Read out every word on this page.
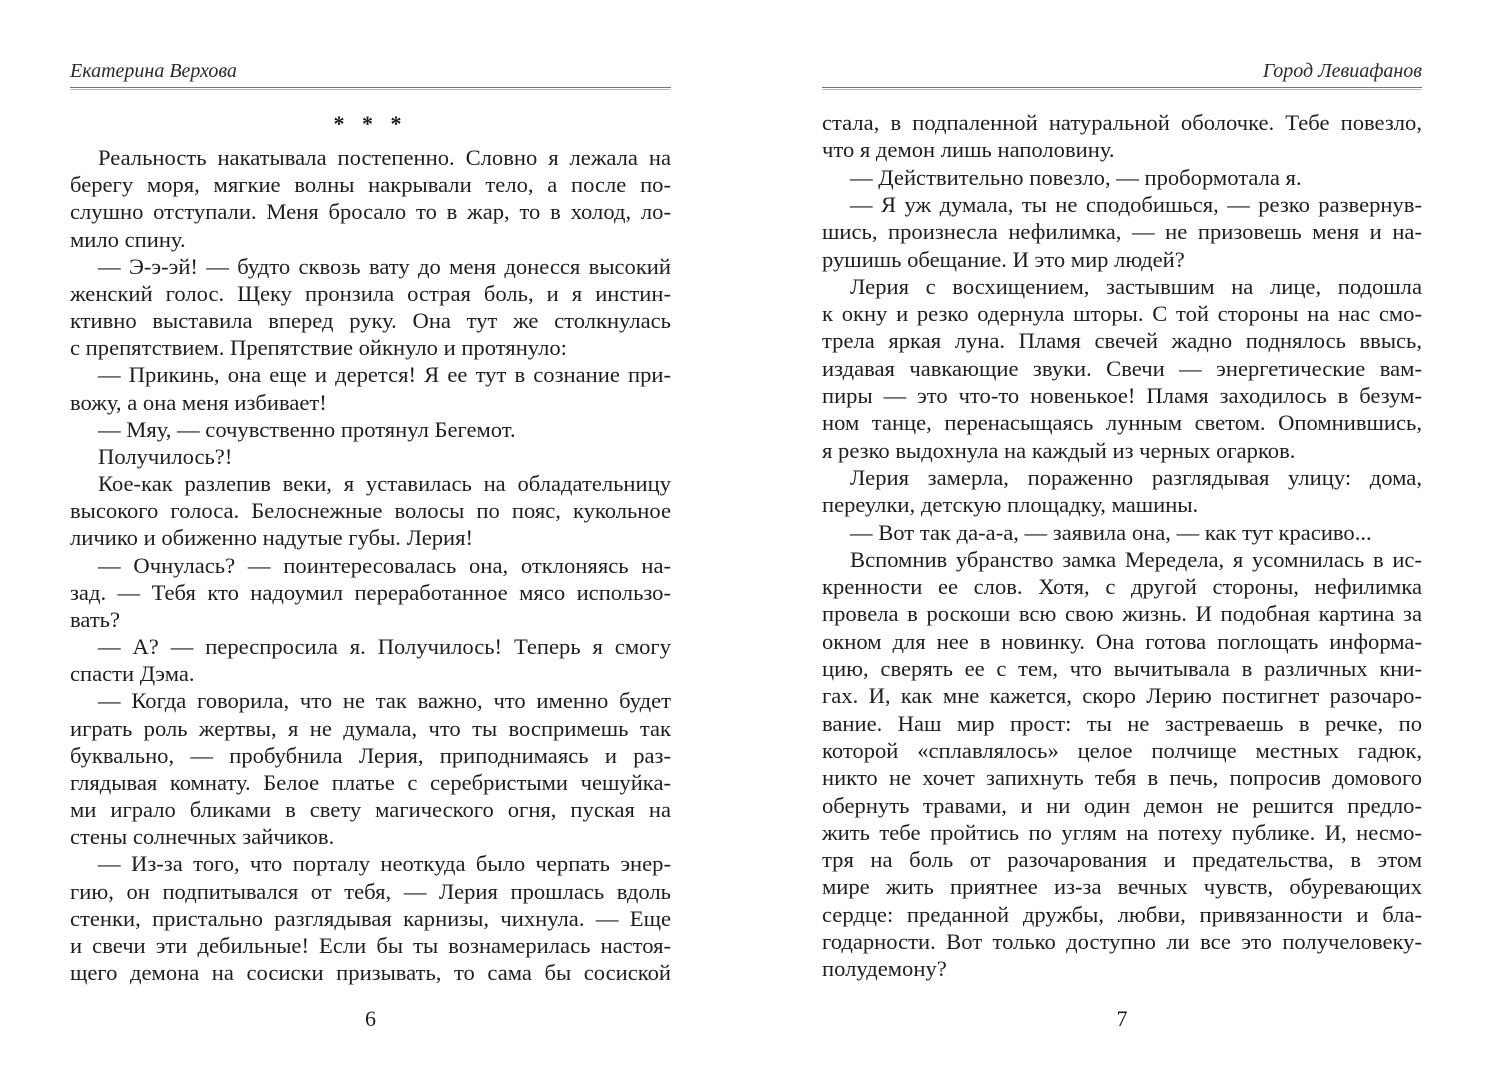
Екатерина Верхова
* * *
Реальность накатывала постепенно. Словно я лежала на
берегу моря, мягкие волны накрывали тело, а после по-
слушно отступали. Меня бросало то в жар, то в холод, ло-
мило спину.
— Э-э-эй! — будто сквозь вату до меня донесся высокий
женский голос. Щеку пронзила острая боль, и я инстин-
ктивно выставила вперед руку. Она тут же столкнулась
с препятствием. Препятствие ойкнуло и протянуло:
— Прикинь, она еще и дерется! Я ее тут в сознание при-
вожу, а она меня избивает!
— Мяу, — сочувственно протянул Бегемот.
Получилось?!
Кое-как разлепив веки, я уставилась на обладательницу
высокого голоса. Белоснежные волосы по пояс, кукольное
личико и обиженно надутые губы. Лерия!
— Очнулась? — поинтересовалась она, отклоняясь на-
зад. — Тебя кто надоумил переработанное мясо использо-
вать?
— А? — переспросила я. Получилось! Теперь я смогу
спасти Дэма.
— Когда говорила, что не так важно, что именно будет
играть роль жертвы, я не думала, что ты воспримешь так
буквально, — пробубнила Лерия, приподнимаясь и раз-
глядывая комнату. Белое платье с серебристыми чешуйка-
ми играло бликами в свету магического огня, пуская на
стены солнечных зайчиков.
— Из-за того, что порталу неоткуда было черпать энер-
гию, он подпитывался от тебя, — Лерия прошлась вдоль
стенки, пристально разглядывая карнизы, чихнула. — Еще
и свечи эти дебильные! Если бы ты вознамерилась настоя-
щего демона на сосиски призывать, то сама бы сосиской
6
Город Левиафанов
стала, в подпаленной натуральной оболочке. Тебе повезло,
что я демон лишь наполовину.
— Действительно повезло, — пробормотала я.
— Я уж думала, ты не сподобишься, — резко развернув-
шись, произнесла нефилимка, — не призовешь меня и на-
рушишь обещание. И это мир людей?
Лерия с восхищением, застывшим на лице, подошла
к окну и резко одернула шторы. С той стороны на нас смо-
трела яркая луна. Пламя свечей жадно поднялось ввысь,
издавая чавкающие звуки. Свечи — энергетические вам-
пиры — это что-то новенькое! Пламя заходилось в безум-
ном танце, перенасыщаясь лунным светом. Опомнившись,
я резко выдохнула на каждый из черных огарков.
Лерия замерла, пораженно разглядывая улицу: дома,
переулки, детскую площадку, машины.
— Вот так да-а-а, — заявила она, — как тут красиво...
Вспомнив убранство замка Мередела, я усомнилась в ис-
кренности ее слов. Хотя, с другой стороны, нефилимка
провела в роскоши всю свою жизнь. И подобная картина за
окном для нее в новинку. Она готова поглощать информа-
цию, сверять ее с тем, что вычитывала в различных кни-
гах. И, как мне кажется, скоро Лерию постигнет разочаро-
вание. Наш мир прост: ты не застреваешь в речке, по
которой «сплавлялось» целое полчище местных гадюк,
никто не хочет запихнуть тебя в печь, попросив домового
обернуть травами, и ни один демон не решится предло-
жить тебе пройтись по углям на потеху публике. И, несмо-
тря на боль от разочарования и предательства, в этом
мире жить приятнее из-за вечных чувств, обуревающих
сердце: преданной дружбы, любви, привязанности и бла-
годарности. Вот только доступно ли все это получеловеку-
полудемону?
7
